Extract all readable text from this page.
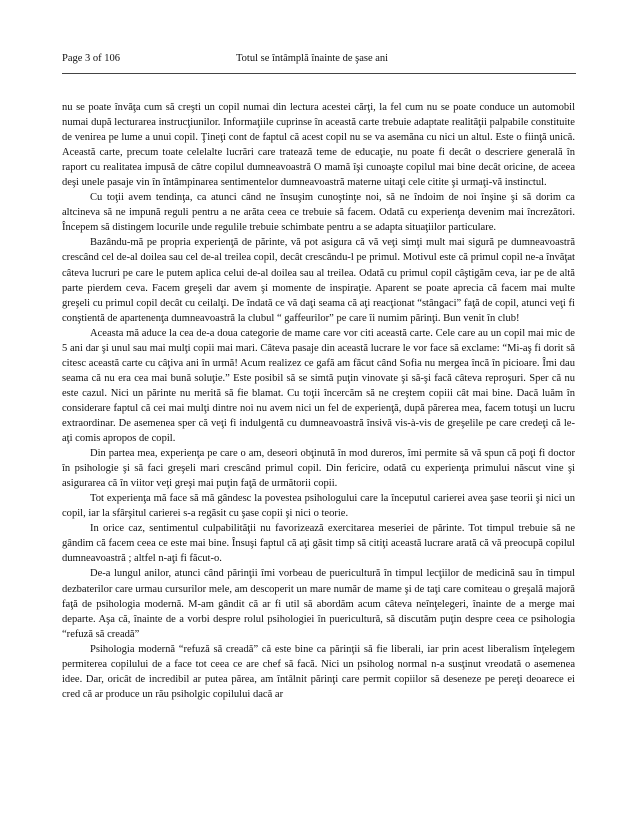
Page 3 of 106	Totul se întâmplă înainte de şase ani

nu se poate învăţa cum să creşti un copil numai din lectura acestei cărţi, la fel cum nu se poate conduce un automobil numai după lecturarea instrucţiunilor. Informaţiile cuprinse în această carte trebuie adaptate realităţii palpabile constituite de venirea pe lume a unui copil. Ţineţi cont de faptul că acest copil nu se va asemăna cu nici un altul. Este o fiinţă unică. Această carte, precum toate celelalte lucrări care tratează teme de educaţie, nu poate fi decât o descriere generală în raport cu realitatea impusă de către copilul dumneavoastră O mamă îşi cunoaşte copilul mai bine decât oricine, de aceea deşi unele pasaje vin în întâmpinarea sentimentelor dumneavoastră materne uitaţi cele citite şi urmaţi-vă instinctul.

Cu toţii avem tendinţa, ca atunci când ne însuşim cunoştinţe noi, să ne îndoim de noi înşine şi să dorim ca altcineva să ne impună reguli pentru a ne arăta ceea ce trebuie să facem. Odată cu experienţa devenim mai încrezători. Începem să distingem locurile unde regulile trebuie schimbate pentru a se adapta situaţiilor particulare.

Bazându-mă pe propria experienţă de părinte, vă pot asigura că vă veţi simţi mult mai sigură pe dumneavoastră crescând cel de-al doilea sau cel de-al treilea copil, decât crescându-l pe primul. Motivul este că primul copil ne-a învăţat câteva lucruri pe care le putem aplica celui de-al doilea sau al treilea. Odată cu primul copil câştigăm ceva, iar pe de altă parte pierdem ceva. Facem greşeli dar avem şi momente de inspiraţie. Aparent se poate aprecia că facem mai multe greşeli cu primul copil decât cu ceilalţi. De îndată ce vă daţi seama că aţi reacţionat “stângaci” faţă de copil, atunci veţi fi conştientă de apartenenţa dumneavoastră la clubul “ gaffeurilor” pe care îi numim părinţi. Bun venit în club!

Aceasta mă aduce la cea de-a doua categorie de mame care vor citi această carte. Cele care au un copil mai mic de 5 ani dar şi unul sau mai mulţi copii mai mari. Câteva pasaje din această lucrare le vor face să exclame: “Mi-aş fi dorit să citesc această carte cu câţiva ani în urmă! Acum realizez ce gafă am făcut când Sofia nu mergea încă în picioare. Îmi dau seama că nu era cea mai bună soluţie.” Este posibil să se simtă puţin vinovate şi să-şi facă câteva reproşuri. Sper că nu este cazul. Nici un părinte nu merită să fie blamat. Cu toţii încercăm să ne creştem copiii cât mai bine. Dacă luăm în considerare faptul că cei mai mulţi dintre noi nu avem nici un fel de experienţă, după părerea mea, facem totuşi un lucru extraordinar. De asemenea sper că veţi fi indulgentă cu dumneavoastră însivă vis-à-vis de greşelile pe care credeţi că le-aţi comis apropos de copil.

Din partea mea, experienţa pe care o am, deseori obţinută în mod dureros, îmi permite să vă spun că poţi fi doctor în psihologie şi să faci greşeli mari crescând primul copil. Din fericire, odată cu experienţa primului născut vine şi asigurarea că în viitor veţi greşi mai puţin faţă de următorii copii.

Tot experienţa mă face să mă gândesc la povestea psihologului care la începutul carierei avea şase teorii şi nici un copil, iar la sfârşitul carierei s-a regăsit cu şase copii şi nici o teorie.

In orice caz, sentimentul culpabilităţii nu favorizează exercitarea meseriei de părinte. Tot timpul trebuie să ne gândim că facem ceea ce este mai bine. Însuşi faptul că aţi găsit timp să citiţi această lucrare arată că vă preocupă copilul dumneavoastră ; altfel n-aţi fi făcut-o.

De-a lungul anilor, atunci când părinţii îmi vorbeau de puericultură în timpul lecţiilor de medicină sau în timpul dezbaterilor care urmau cursurilor mele, am descoperit un mare număr de mame şi de taţi care comiteau o greşală majoră faţă de psihologia modernă. M-am gândit că ar fi util să abordăm acum câteva neînţelegeri, înainte de a merge mai departe. Aşa că, înainte de a vorbi despre rolul psihologiei în puericultură, să discutăm puţin despre ceea ce psihologia “refuză să creadă”

Psihologia modernă “refuză să creadă” că este bine ca părinţii să fie liberali, iar prin acest liberalism înţelegem permiterea copilului de a face tot ceea ce are chef să facă. Nici un psiholog normal n-a susţinut vreodată o asemenea idee. Dar, oricât de incredibil ar putea părea, am întâlnit părinţi care permit copiilor să deseneze pe pereţi deoarece ei cred că ar produce un rău psiholgic copilului dacă ar
